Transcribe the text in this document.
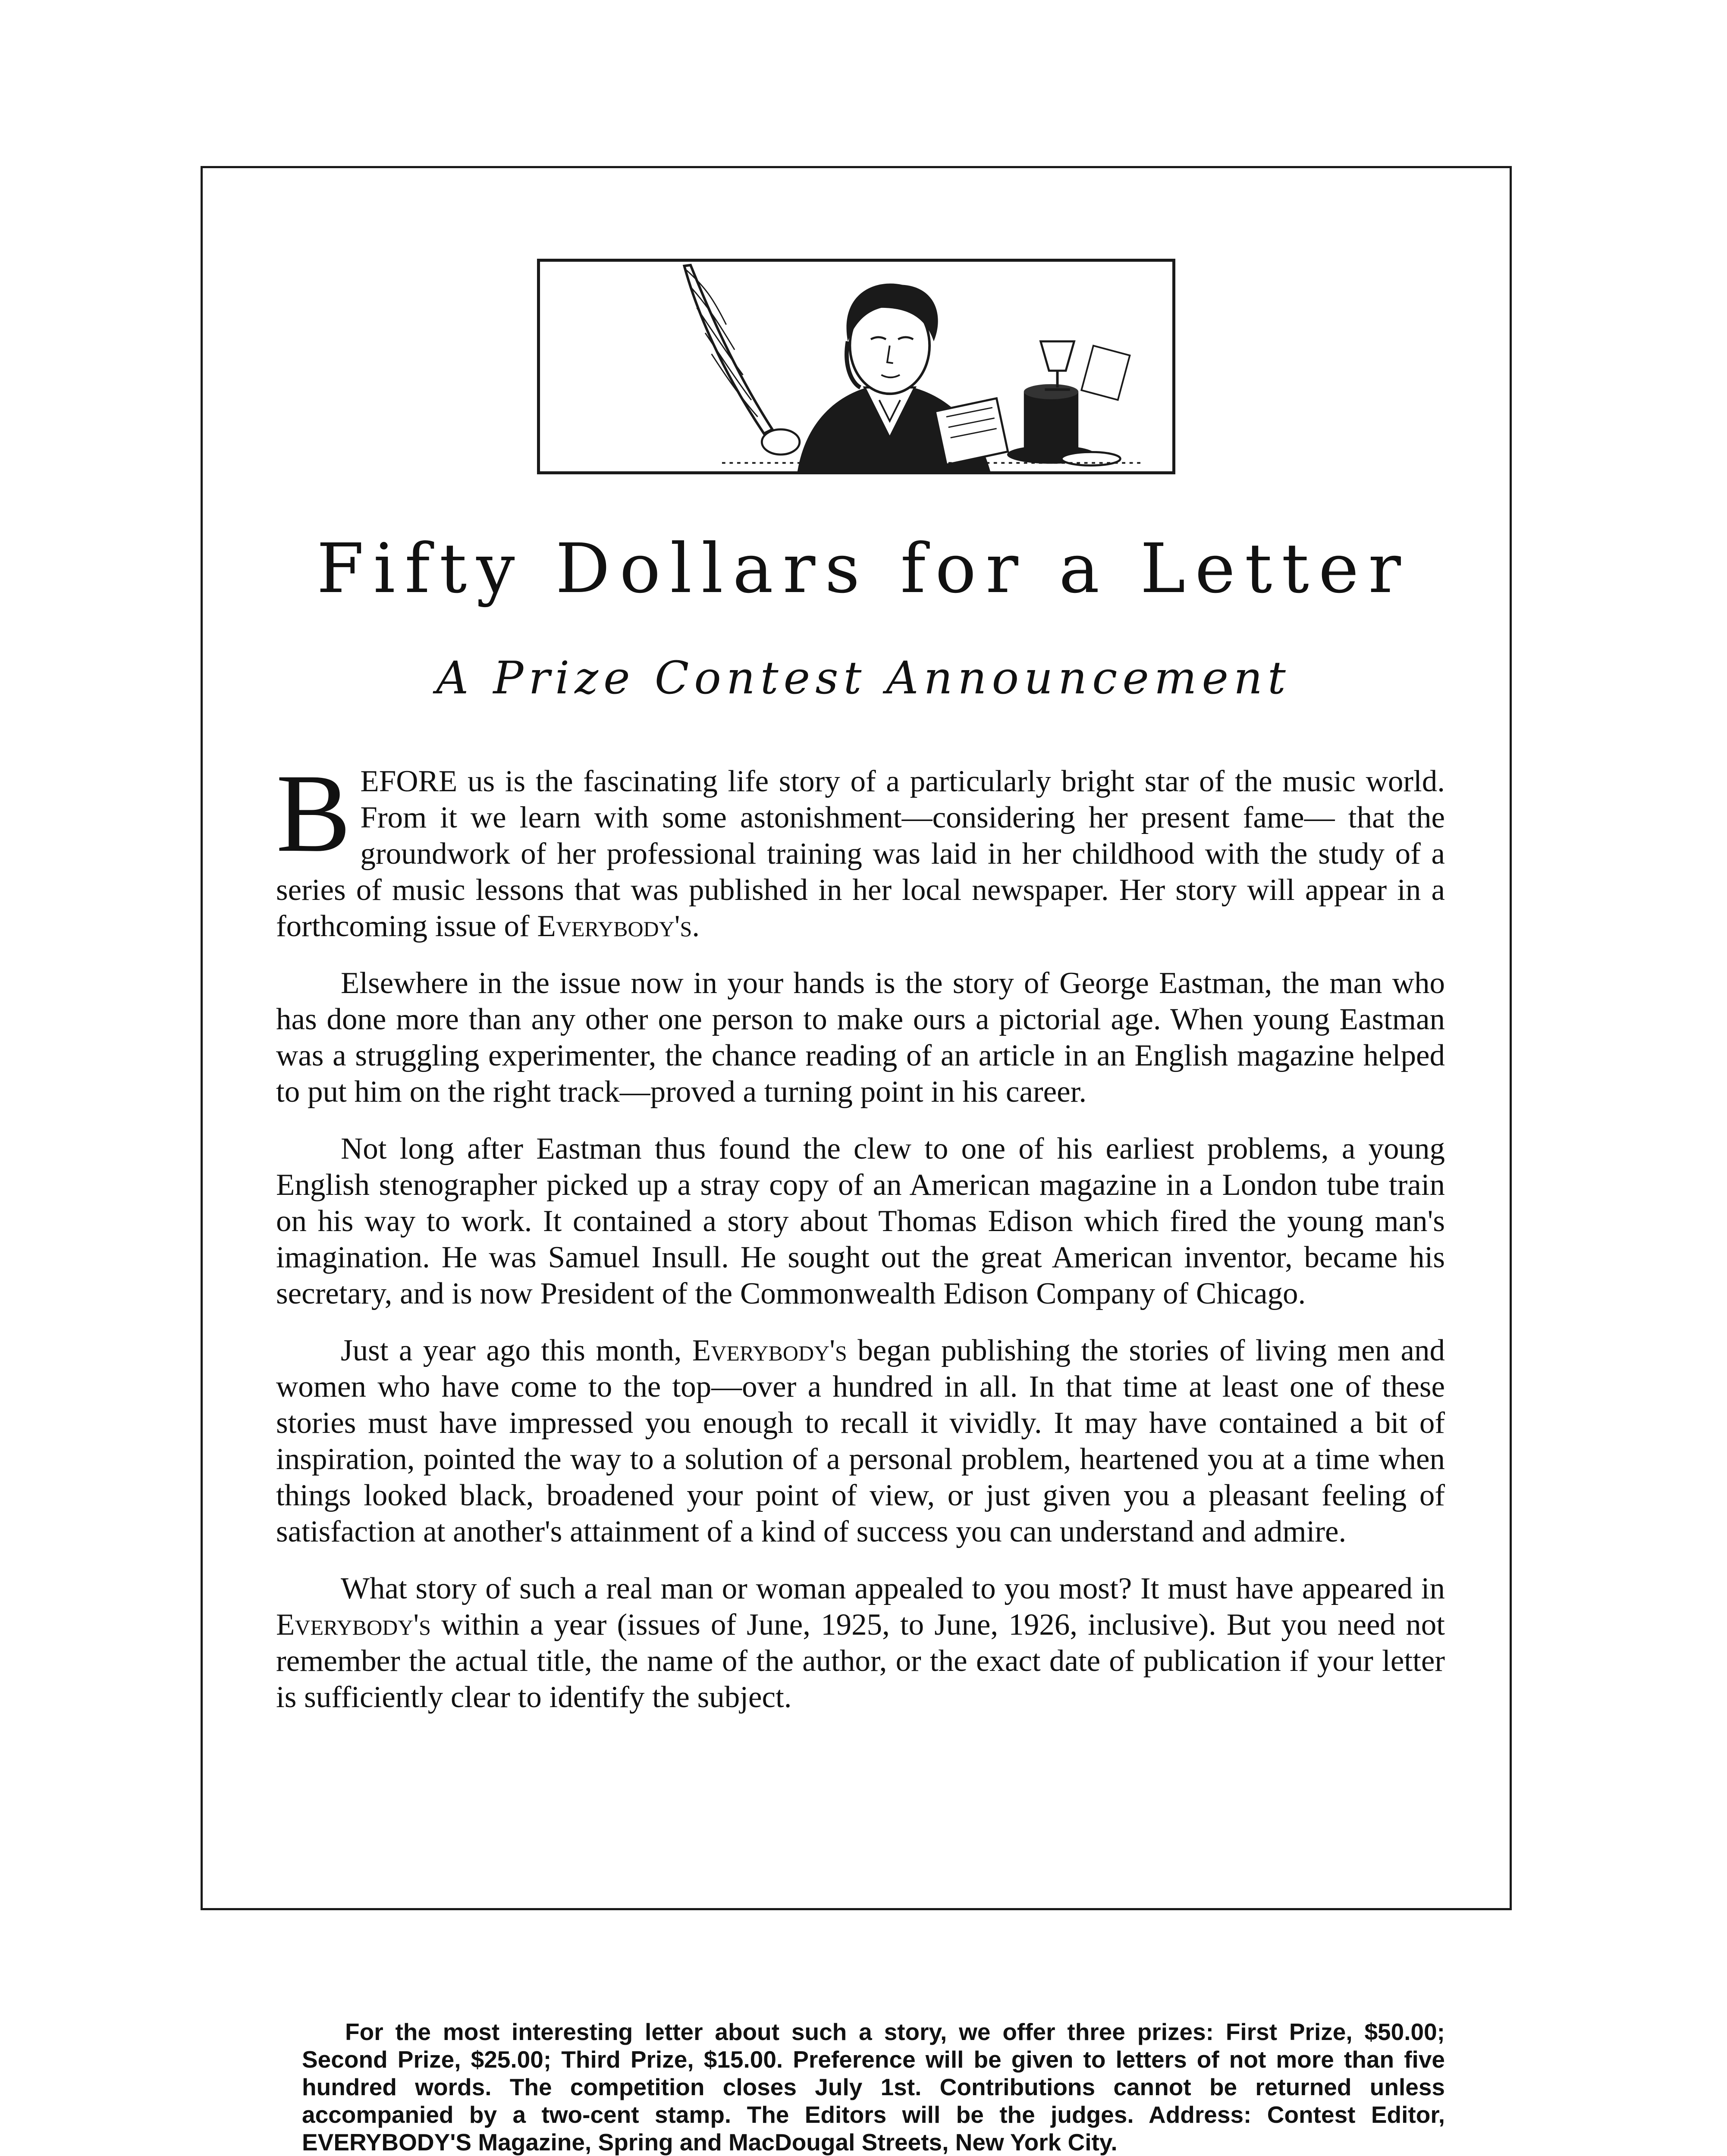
Fifty Dollars for a Letter
A Prize Contest Announcement

BEFORE us is the fascinating life story of a particularly bright star of the music world. From it we learn with some astonishment—considering her present fame— that the groundwork of her professional training was laid in her childhood with the study of a series of music lessons that was published in her local newspaper. Her story will appear in a forthcoming issue of Everybody's.

Elsewhere in the issue now in your hands is the story of George Eastman, the man who has done more than any other one person to make ours a pictorial age. When young Eastman was a struggling experimenter, the chance reading of an article in an English magazine helped to put him on the right track—proved a turning point in his career.

Not long after Eastman thus found the clew to one of his earliest problems, a young English stenographer picked up a stray copy of an American magazine in a London tube train on his way to work. It contained a story about Thomas Edison which fired the young man's imagination. He was Samuel Insull. He sought out the great American inventor, became his secretary, and is now President of the Commonwealth Edison Company of Chicago.

Just a year ago this month, Everybody's began publishing the stories of living men and women who have come to the top—over a hundred in all. In that time at least one of these stories must have impressed you enough to recall it vividly. It may have contained a bit of inspiration, pointed the way to a solution of a personal problem, heartened you at a time when things looked black, broadened your point of view, or just given you a pleasant feeling of satisfaction at another's attainment of a kind of success you can understand and admire.

What story of such a real man or woman appealed to you most? It must have appeared in Everybody's within a year (issues of June, 1925, to June, 1926, inclusive). But you need not remember the actual title, the name of the author, or the exact date of publication if your letter is sufficiently clear to identify the subject.

For the most interesting letter about such a story, we offer three prizes: First Prize, $50.00; Second Prize, $25.00; Third Prize, $15.00. Preference will be given to letters of not more than five hundred words. The competition closes July 1st. Contributions cannot be returned unless accompanied by a two-cent stamp. The Editors will be the judges. Address: Contest Editor, EVERYBODY'S Magazine, Spring and MacDougal Streets, New York City.
